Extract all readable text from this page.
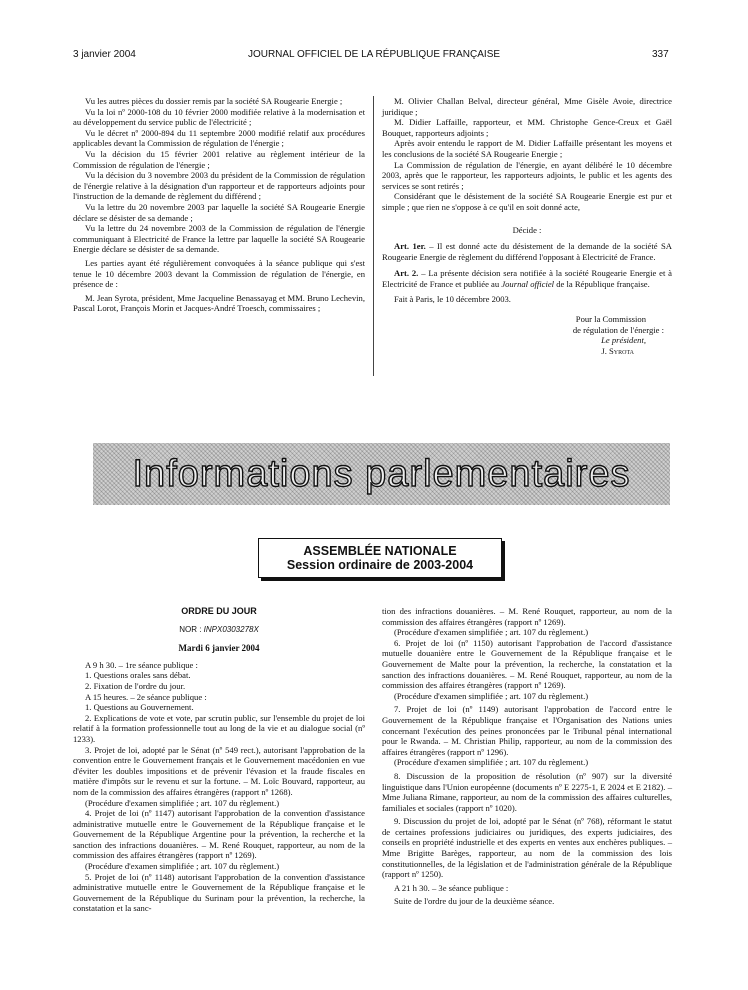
3 janvier 2004	JOURNAL OFFICIEL DE LA RÉPUBLIQUE FRANÇAISE	337

Vu les autres pièces du dossier remis par la société SA Rougearie Energie ;

Vu la loi nº 2000-108 du 10 février 2000 modifiée relative à la modernisation et au développement du service public de l'électricité ;

Vu le décret nº 2000-894 du 11 septembre 2000 modifié relatif aux procédures applicables devant la Commission de régulation de l'énergie ;

Vu la décision du 15 février 2001 relative au règlement intérieur de la Commission de régulation de l'énergie ;

Vu la décision du 3 novembre 2003 du président de la Commission de régulation de l'énergie relative à la désignation d'un rapporteur et de rapporteurs adjoints pour l'instruction de la demande de règlement du différend ;

Vu la lettre du 20 novembre 2003 par laquelle la société SA Rougearie Energie déclare se désister de sa demande ;

Vu la lettre du 24 novembre 2003 de la Commission de régulation de l'énergie communiquant à Electricité de France la lettre par laquelle la société SA Rougearie Energie déclare se désister de sa demande.

Les parties ayant été régulièrement convoquées à la séance publique qui s'est tenue le 10 décembre 2003 devant la Commission de régulation de l'énergie, en présence de :

M. Jean Syrota, président, Mme Jacqueline Benassayag et MM. Bruno Lechevin, Pascal Lorot, François Morin et Jacques-André Troesch, commissaires ;

M. Olivier Challan Belval, directeur général, Mme Gisèle Avoie, directrice juridique ;

M. Didier Laffaille, rapporteur, et MM. Christophe Gence-Creux et Gaël Bouquet, rapporteurs adjoints ;

Après avoir entendu le rapport de M. Didier Laffaille présentant les moyens et les conclusions de la société SA Rougearie Energie ;

La Commission de régulation de l'énergie, en ayant délibéré le 10 décembre 2003, après que le rapporteur, les rapporteurs adjoints, le public et les agents des services se sont retirés ;

Considérant que le désistement de la société SA Rougearie Energie est pur et simple ; que rien ne s'oppose à ce qu'il en soit donné acte,

Décide :

Art. 1er. – Il est donné acte du désistement de la demande de la société SA Rougearie Energie de règlement du différend l'opposant à Electricité de France.

Art. 2. – La présente décision sera notifiée à la société Rougearie Energie et à Electricité de France et publiée au Journal officiel de la République française.

Fait à Paris, le 10 décembre 2003.

Pour la Commission
de régulation de l'énergie :
Le président,
J. Syrota
Informations parlementaires
ASSEMBLÉE NATIONALE
Session ordinaire de 2003-2004

ORDRE DU JOUR

NOR : INPX0303278X

Mardi 6 janvier 2004

A 9 h 30. – 1re séance publique :

1. Questions orales sans débat.

2. Fixation de l'ordre du jour.

A 15 heures. – 2e séance publique :

1. Questions au Gouvernement.

2. Explications de vote et vote, par scrutin public, sur l'ensemble du projet de loi relatif à la formation professionnelle tout au long de la vie et au dialogue social (nº 1233).

3. Projet de loi, adopté par le Sénat (nº 549 rect.), autorisant l'approbation de la convention entre le Gouvernement français et le Gouvernement macédonien en vue d'éviter les doubles impositions et de prévenir l'évasion et la fraude fiscales en matière d'impôts sur le revenu et sur la fortune. – M. Loïc Bouvard, rapporteur, au nom de la commission des affaires étrangères (rapport nº 1268).

(Procédure d'examen simplifiée ; art. 107 du règlement.)

4. Projet de loi (nº 1147) autorisant l'approbation de la convention d'assistance administrative mutuelle entre le Gouvernement de la République française et le Gouvernement de la République Argentine pour la prévention, la recherche et la sanction des infractions douanières. – M. René Rouquet, rapporteur, au nom de la commission des affaires étrangères (rapport nº 1269).

(Procédure d'examen simplifiée ; art. 107 du règlement.)

5. Projet de loi (nº 1148) autorisant l'approbation de la convention d'assistance administrative mutuelle entre le Gouvernement de la République française et le Gouvernement de la République du Surinam pour la prévention, la recherche, la constatation et la sanc-

tion des infractions douanières. – M. René Rouquet, rapporteur, au nom de la commission des affaires étrangères (rapport nº 1269).

(Procédure d'examen simplifiée ; art. 107 du règlement.)

6. Projet de loi (nº 1150) autorisant l'approbation de l'accord d'assistance mutuelle douanière entre le Gouvernement de la République française et le Gouvernement de Malte pour la prévention, la recherche, la constatation et la sanction des infractions douanières. – M. René Rouquet, rapporteur, au nom de la commission des affaires étrangères (rapport nº 1269).

(Procédure d'examen simplifiée ; art. 107 du règlement.)

7. Projet de loi (nº 1149) autorisant l'approbation de l'accord entre le Gouvernement de la République française et l'Organisation des Nations unies concernant l'exécution des peines prononcées par le Tribunal pénal international pour le Rwanda. – M. Christian Philip, rapporteur, au nom de la commission des affaires étrangères (rapport nº 1296).

(Procédure d'examen simplifiée ; art. 107 du règlement.)

8. Discussion de la proposition de résolution (nº 907) sur la diversité linguistique dans l'Union européenne (documents nº E 2275-1, E 2024 et E 2182). – Mme Juliana Rimane, rapporteur, au nom de la commission des affaires culturelles, familiales et sociales (rapport nº 1020).

9. Discussion du projet de loi, adopté par le Sénat (nº 768), réformant le statut de certaines professions judiciaires ou juridiques, des experts judiciaires, des conseils en propriété industrielle et des experts en ventes aux enchères publiques. – Mme Brigitte Barèges, rapporteur, au nom de la commission des lois constitutionnelles, de la législation et de l'administration générale de la République (rapport nº 1250).

A 21 h 30. – 3e séance publique :

Suite de l'ordre du jour de la deuxième séance.
